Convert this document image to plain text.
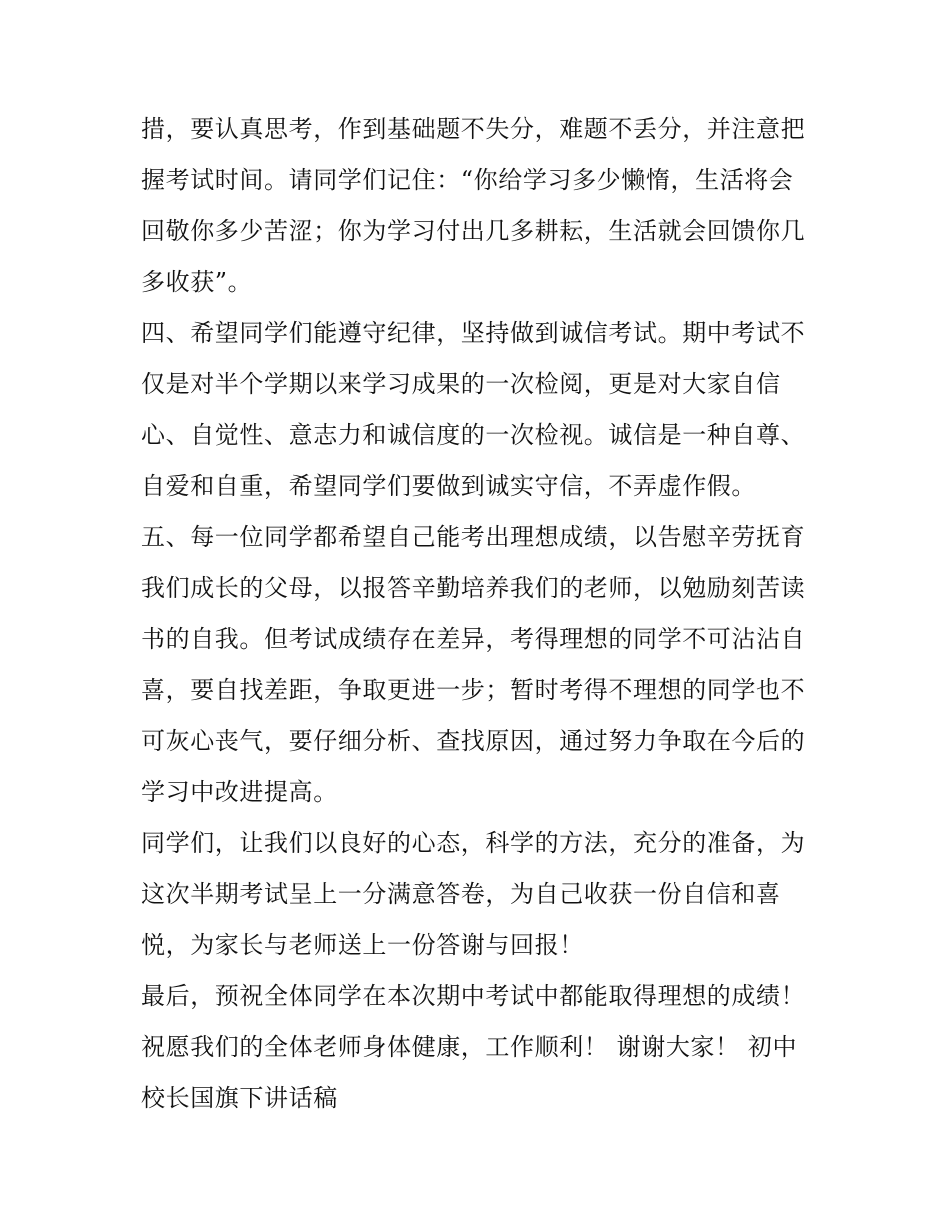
措，要认真思考，作到基础题不失分，难题不丢分，并注意把
握考试时间。请同学们记住：“你给学习多少懒惰，生活将会
回敬你多少苦涩；你为学习付出几多耕耘，生活就会回馈你几
多收获”。
四、希望同学们能遵守纪律，坚持做到诚信考试。期中考试不
仅是对半个学期以来学习成果的一次检阅，更是对大家自信
心、自觉性、意志力和诚信度的一次检视。诚信是一种自尊、
自爱和自重，希望同学们要做到诚实守信，不弄虚作假。
五、每一位同学都希望自己能考出理想成绩，以告慰辛劳抚育
我们成长的父母，以报答辛勤培养我们的老师，以勉励刻苦读
书的自我。但考试成绩存在差异，考得理想的同学不可沾沾自
喜，要自找差距，争取更进一步；暂时考得不理想的同学也不
可灰心丧气，要仔细分析、查找原因，通过努力争取在今后的
学习中改进提高。
同学们，让我们以良好的心态，科学的方法，充分的准备，为
这次半期考试呈上一分满意答卷，为自己收获一份自信和喜
悦，为家长与老师送上一份答谢与回报！
最后，预祝全体同学在本次期中考试中都能取得理想的成绩！
祝愿我们的全体老师身体健康，工作顺利！ 谢谢大家！ 初中
校长国旗下讲话稿
